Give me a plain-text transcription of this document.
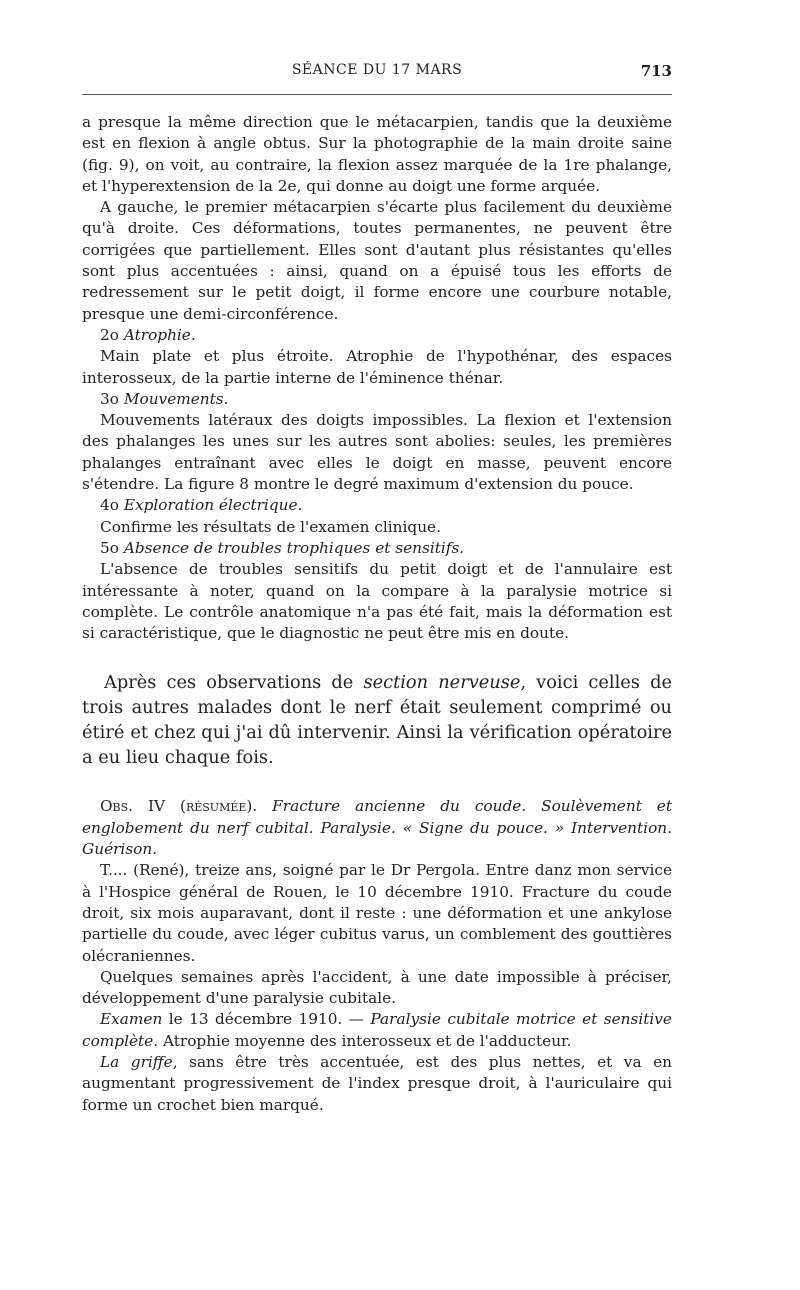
SÉANCE DU 17 MARS	713

a presque la même direction que le métacarpien, tandis que la deuxième est en flexion à angle obtus. Sur la photographie de la main droite saine (fig. 9), on voit, au contraire, la flexion assez marquée de la 1re phalange, et l'hyperextension de la 2e, qui donne au doigt une forme arquée.

A gauche, le premier métacarpien s'écarte plus facilement du deuxième qu'à droite. Ces déformations, toutes permanentes, ne peuvent être corrigées que partiellement. Elles sont d'autant plus résistantes qu'elles sont plus accentuées : ainsi, quand on a épuisé tous les efforts de redressement sur le petit doigt, il forme encore une courbure notable, presque une demi-circonférence.

2o Atrophie.

Main plate et plus étroite. Atrophie de l'hypothénar, des espaces interosseux, de la partie interne de l'éminence thénar.

3o Mouvements.

Mouvements latéraux des doigts impossibles. La flexion et l'extension des phalanges les unes sur les autres sont abolies: seules, les premières phalanges entraînant avec elles le doigt en masse, peuvent encore s'étendre. La figure 8 montre le degré maximum d'extension du pouce.

4o Exploration électrique.

Confirme les résultats de l'examen clinique.

5o Absence de troubles trophiques et sensitifs.

L'absence de troubles sensitifs du petit doigt et de l'annulaire est intéressante à noter, quand on la compare à la paralysie motrice si complète. Le contrôle anatomique n'a pas été fait, mais la déformation est si caractéristique, que le diagnostic ne peut être mis en doute.

Après ces observations de section nerveuse, voici celles de trois autres malades dont le nerf était seulement comprimé ou étiré et chez qui j'ai dû intervenir. Ainsi la vérification opératoire a eu lieu chaque fois.

Obs. IV (résumée). Fracture ancienne du coude. Soulèvement et englobement du nerf cubital. Paralysie. « Signe du pouce. » Intervention. Guérison.

T.... (René), treize ans, soigné par le Dr Pergola. Entre danz mon service à l'Hospice général de Rouen, le 10 décembre 1910. Fracture du coude droit, six mois auparavant, dont il reste : une déformation et une ankylose partielle du coude, avec léger cubitus varus, un comblement des gouttières olécraniennes.

Quelques semaines après l'accident, à une date impossible à préciser, développement d'une paralysie cubitale.

Examen le 13 décembre 1910. — Paralysie cubitale motrice et sensitive complète. Atrophie moyenne des interosseux et de l'adducteur.

La griffe, sans être très accentuée, est des plus nettes, et va en augmentant progressivement de l'index presque droit, à l'auriculaire qui forme un crochet bien marqué.
